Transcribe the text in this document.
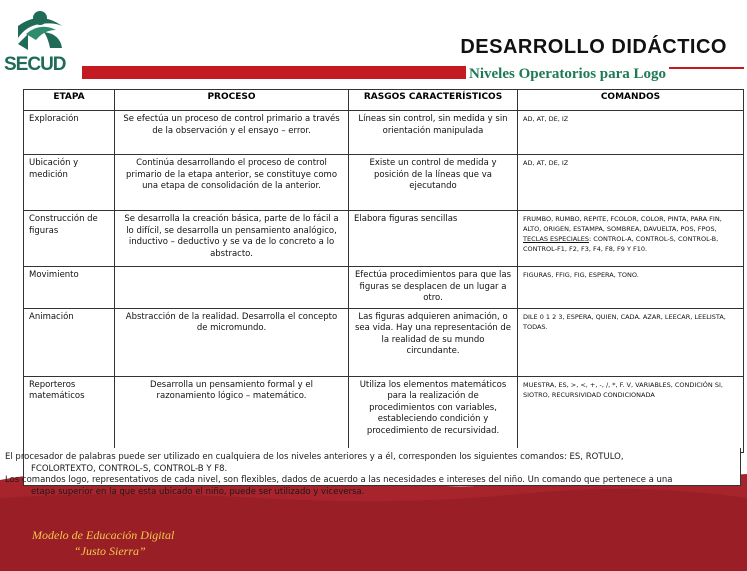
SECUD
DESARROLLO DIDÁCTICO
Niveles Operatorios para Logo
ETAPA	PROCESO	RASGOS CARACTERÍSTICOS	COMANDOS
Exploración	Se efectúa un proceso de control primario a través de la observación y el ensayo – error.	Líneas sin control, sin medida y sin orientación manipulada	AD, AT, DE, IZ
Ubicación y medición	Continúa desarrollando el proceso de control primario de la etapa anterior, se constituye como una etapa de consolidación de la anterior.	Existe un control de medida y posición de la líneas que va ejecutando	AD, AT, DE, IZ
Construcción de figuras	Se desarrolla la creación básica, parte de lo fácil a lo difícil, se desarrolla un pensamiento analógico, inductivo – deductivo y se va de lo concreto a lo abstracto.	Elabora figuras sencillas	FRUMBO, RUMBO, REPITE, FCOLOR, COLOR, PINTA, PARA FIN, ALTO, ORIGEN, ESTAMPA, SOMBREA, DAVUELTA, POS, FPOS,
TECLAS ESPECIALES: CONTROL-A, CONTROL-S, CONTROL-B, CONTROL-F1, F2, F3, F4, F8, F9 Y F10.
Movimiento		Efectúa procedimientos para que las figuras se desplacen de un lugar a otro.	FIGURAS, FFIG, FIG, ESPERA, TONO.
Animación	Abstracción de la realidad. Desarrolla el concepto de micromundo.	Las figuras adquieren animación, o sea vida. Hay una representación de la realidad de su mundo circundante.	DILE 0 1 2 3, ESPERA, QUIEN, CADA. AZAR, LEECAR, LEELISTA, TODAS.
Reporteros matemáticos	Desarrolla un pensamiento formal y el razonamiento lógico – matemático.	Utiliza los elementos matemáticos para la realización de procedimientos con variables, estableciendo condición y procedimiento de recursividad.	MUESTRA, ES, >, <, +, -, /, *, F. V, VARIABLES, CONDICIÓN SI, SIOTRO, RECURSIVIDAD CONDICIONADA
El procesador de palabras puede ser utilizado en cualquiera de los niveles anteriores y a él, corresponden los siguientes comandos: ES, ROTULO,
FCOLORTEXTO, CONTROL-S, CONTROL-B Y F8.
Los comandos logo, representativos de cada nivel, son flexibles, dados de acuerdo a las necesidades e intereses del niño. Un comando que pertenece a una
etapa superior en la que esta ubicado el niño, puede ser utilizado y viceversa.
Modelo de Educación Digital
“Justo Sierra”
